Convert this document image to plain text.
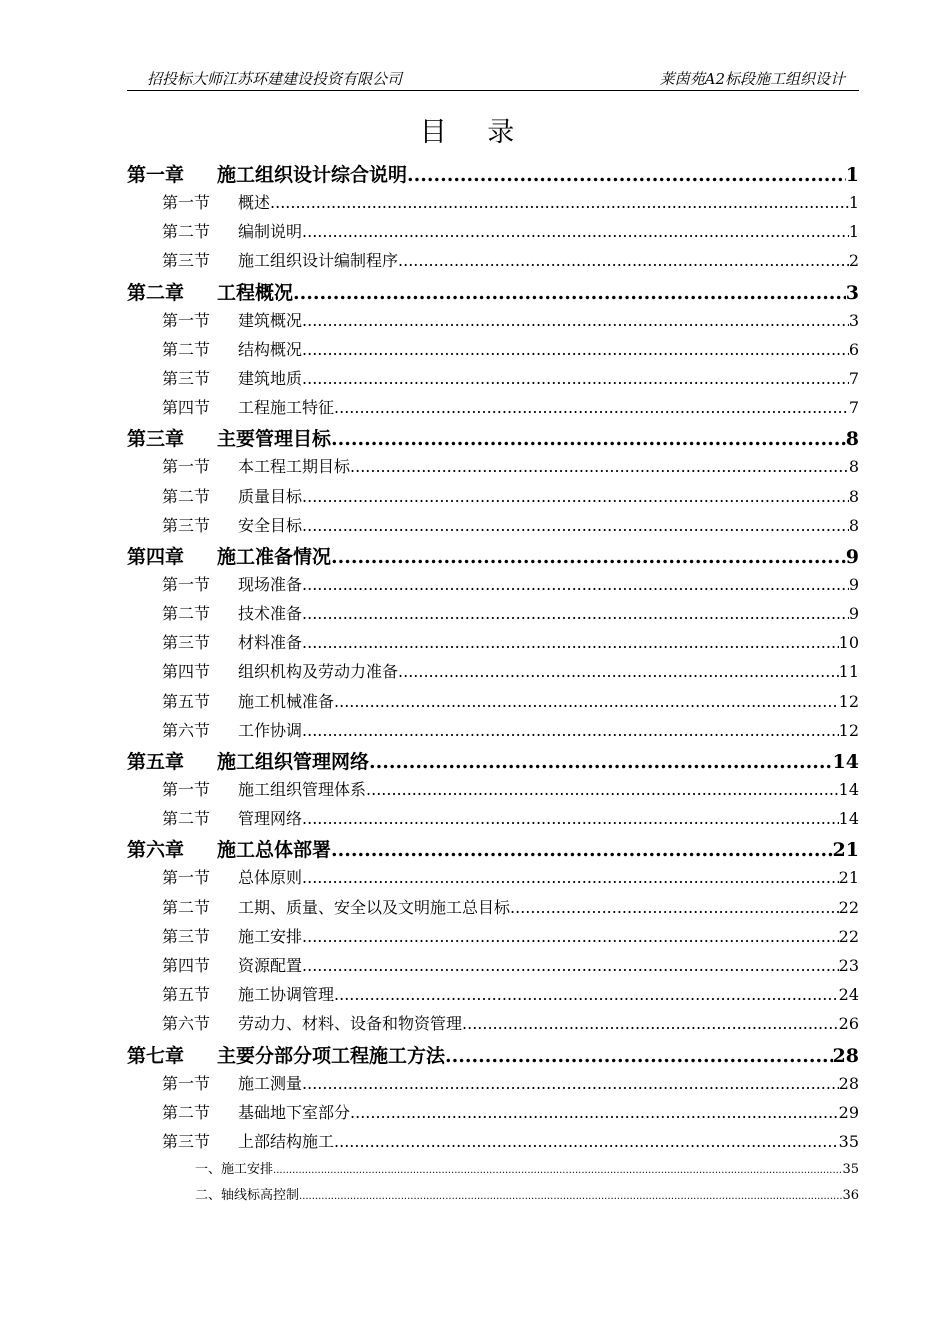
招投标大师江苏环建建设投资有限公司	莱茵苑A2标段施工组织设计
目 录
第一章	施工组织设计综合说明 .....	1
第一节	概述 .....	1
第二节	编制说明 .....	1
第三节	施工组织设计编制程序 .....	2
第二章	工程概况 .....	3
第一节	建筑概况 .....	3
第二节	结构概况 .....	6
第三节	建筑地质 .....	7
第四节	工程施工特征 .....	7
第三章	主要管理目标 .....	8
第一节	本工程工期目标 .....	8
第二节	质量目标 .....	8
第三节	安全目标 .....	8
第四章	施工准备情况 .....	9
第一节	现场准备 .....	9
第二节	技术准备 .....	9
第三节	材料准备 .....	10
第四节	组织机构及劳动力准备 .....	11
第五节	施工机械准备 .....	12
第六节	工作协调 .....	12
第五章	施工组织管理网络 .....	14
第一节	施工组织管理体系 .....	14
第二节	管理网络 .....	14
第六章	施工总体部署 .....	21
第一节	总体原则 .....	21
第二节	工期、质量、安全以及文明施工总目标 .....	22
第三节	施工安排 .....	22
第四节	资源配置 .....	23
第五节	施工协调管理 .....	24
第六节	劳动力、材料、设备和物资管理 .....	26
第七章	主要分部分项工程施工方法 .....	28
第一节	施工测量 .....	28
第二节	基础地下室部分 .....	29
第三节	上部结构施工 .....	35
一、施工安排 .....	35
二、轴线标高控制 .....	36
